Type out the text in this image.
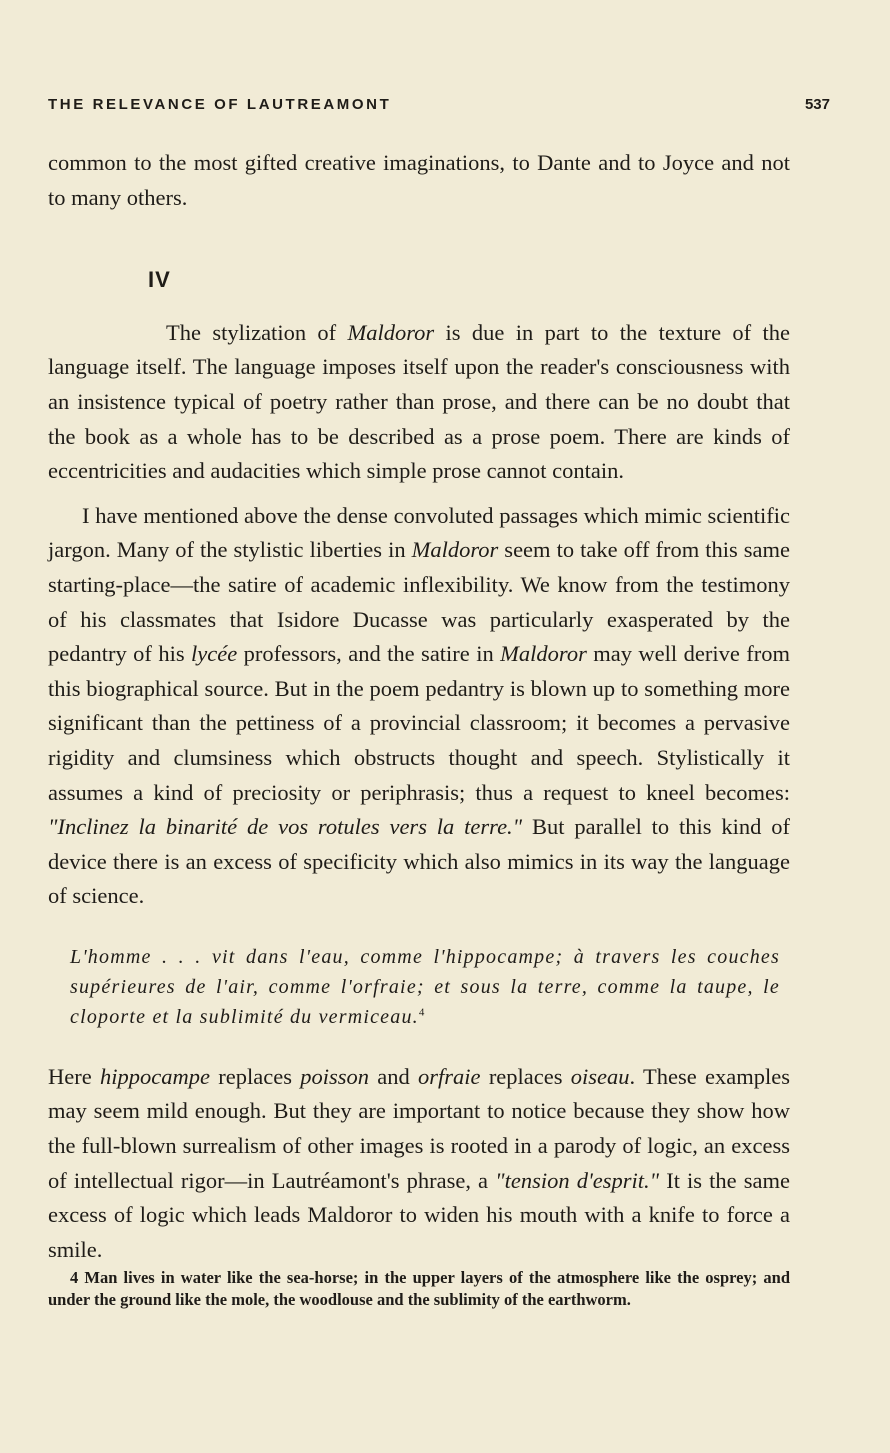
THE RELEVANCE OF LAUTREAMONT	537

common to the most gifted creative imaginations, to Dante and to Joyce and not to many others.

IV

The stylization of Maldoror is due in part to the texture of the language itself. The language imposes itself upon the reader's consciousness with an insistence typical of poetry rather than prose, and there can be no doubt that the book as a whole has to be described as a prose poem. There are kinds of eccentricities and audacities which simple prose cannot contain.

I have mentioned above the dense convoluted passages which mimic scientific jargon. Many of the stylistic liberties in Maldoror seem to take off from this same starting-place—the satire of academic inflexibility. We know from the testimony of his classmates that Isidore Ducasse was particularly exasperated by the pedantry of his lycée professors, and the satire in Maldoror may well derive from this biographical source. But in the poem pedantry is blown up to something more significant than the pettiness of a provincial classroom; it becomes a pervasive rigidity and clumsiness which obstructs thought and speech. Stylistically it assumes a kind of preciosity or periphrasis; thus a request to kneel becomes: "Inclinez la binarité de vos rotules vers la terre." But parallel to this kind of device there is an excess of specificity which also mimics in its way the language of science.

L'homme . . . vit dans l'eau, comme l'hippocampe; à travers les couches supérieures de l'air, comme l'orfraie; et sous la terre, comme la taupe, le cloporte et la sublimité du vermiceau.$^4$

Here hippocampe replaces poisson and orfraie replaces oiseau. These examples may seem mild enough. But they are important to notice because they show how the full-blown surrealism of other images is rooted in a parody of logic, an excess of intellectual rigor—in Lautréamont's phrase, a "tension d'esprit." It is the same excess of logic which leads Maldoror to widen his mouth with a knife to force a smile.

4 Man lives in water like the sea-horse; in the upper layers of the atmosphere like the osprey; and under the ground like the mole, the woodlouse and the sublimity of the earthworm.
